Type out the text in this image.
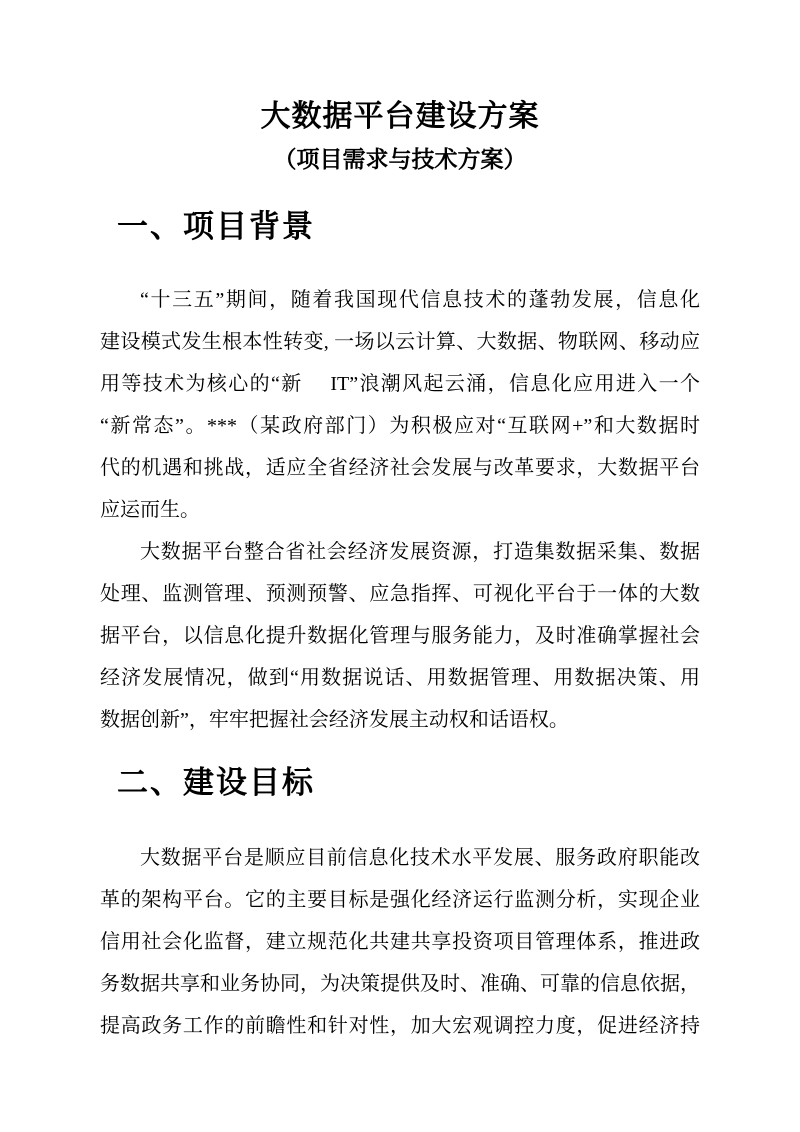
大数据平台建设方案
（项目需求与技术方案）
一、项目背景
“十三五”期间，随着我国现代信息技术的蓬勃发展，信息化
建设模式发生根本性转变, 一场以云计算、大数据、物联网、移动应
用等技术为核心的“新　 IT”浪潮风起云涌，信息化应用进入一个
“新常态”。***（某政府部门）为积极应对“互联网+”和大数据时
代的机遇和挑战，适应全省经济社会发展与改革要求，大数据平台
应运而生。
大数据平台整合省社会经济发展资源，打造集数据采集、数据
处理、监测管理、预测预警、应急指挥、可视化平台于一体的大数
据平台，以信息化提升数据化管理与服务能力，及时准确掌握社会
经济发展情况，做到“用数据说话、用数据管理、用数据决策、用
数据创新”，牢牢把握社会经济发展主动权和话语权。
二、建设目标
大数据平台是顺应目前信息化技术水平发展、服务政府职能改
革的架构平台。它的主要目标是强化经济运行监测分析，实现企业
信用社会化监督，建立规范化共建共享投资项目管理体系，推进政
务数据共享和业务协同，为决策提供及时、准确、可靠的信息依据，
提高政务工作的前瞻性和针对性，加大宏观调控力度，促进经济持
